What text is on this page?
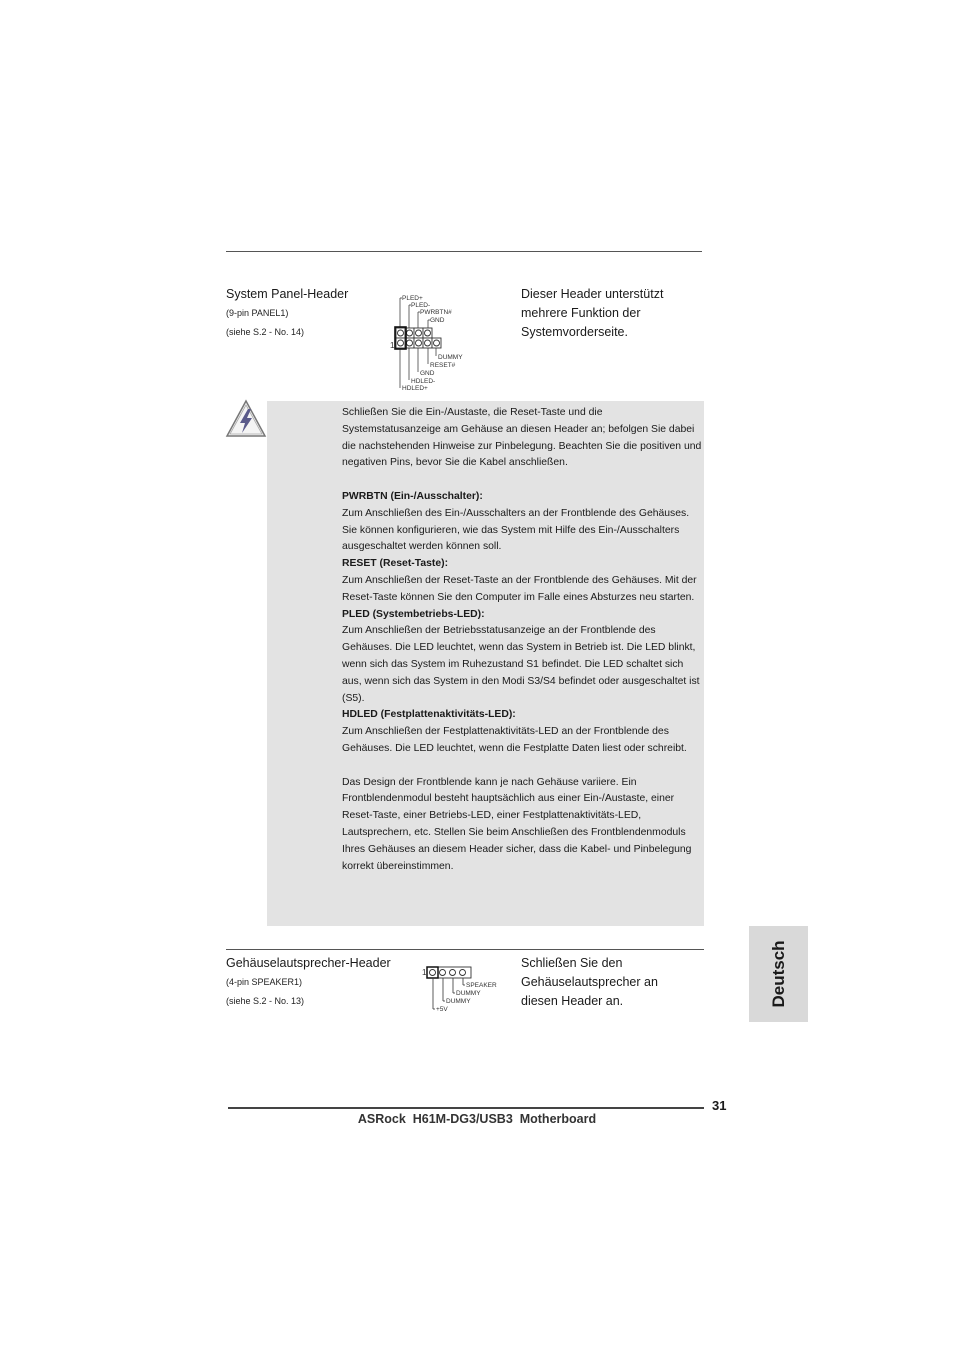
System Panel-Header
(9-pin PANEL1)
(siehe S.2 - No. 14)
1
PLED+
PLED-
PWRBTN#
GND
DUMMY
RESET#
GND
HDLED-
HDLED+
Dieser Header unterstützt
mehrere Funktion der
Systemvorderseite.

Schließen Sie die Ein-/Austaste, die Reset-Taste und die Systemstatusanzeige am Gehäuse an diesen Header an; befolgen Sie dabei die nachstehenden Hinweise zur Pinbelegung. Beachten Sie die positiven und negativen Pins, bevor Sie die Kabel anschließen.

PWRBTN (Ein-/Ausschalter):

Zum Anschließen des Ein-/Ausschalters an der Frontblende des Gehäuses. Sie können konfigurieren, wie das System mit Hilfe des Ein-/Ausschalters ausgeschaltet werden können soll.

RESET (Reset-Taste):

Zum Anschließen der Reset-Taste an der Frontblende des Gehäuses. Mit der Reset-Taste können Sie den Computer im Falle eines Absturzes neu starten.

PLED (Systembetriebs-LED):

Zum Anschließen der Betriebsstatusanzeige an der Frontblende des Gehäuses. Die LED leuchtet, wenn das System in Betrieb ist. Die LED blinkt, wenn sich das System im Ruhezustand S1 befindet. Die LED schaltet sich aus, wenn sich das System in den Modi S3/S4 befindet oder ausgeschaltet ist (S5).

HDLED (Festplattenaktivitäts-LED):

Zum Anschließen der Festplattenaktivitäts-LED an der Frontblende des Gehäuses. Die LED leuchtet, wenn die Festplatte Daten liest oder schreibt.

Das Design der Frontblende kann je nach Gehäuse variiere. Ein Frontblendenmodul besteht hauptsächlich aus einer Ein-/Austaste, einer Reset-Taste, einer Betriebs-LED, einer Festplattenaktivitäts-LED, Lautsprechern, etc. Stellen Sie beim Anschließen des Frontblendenmoduls Ihres Gehäuses an diesem Header sicher, dass die Kabel- und Pinbelegung korrekt übereinstimmen.

Gehäuselautsprecher-Header
(4-pin SPEAKER1)
(siehe S.2 - No. 13)
1
SPEAKER
DUMMY
DUMMY
+5V
Schließen Sie den
Gehäuselautsprecher an
diesen Header an.	Deutsch
31
ASRock  H61M-DG3/USB3  Motherboard
